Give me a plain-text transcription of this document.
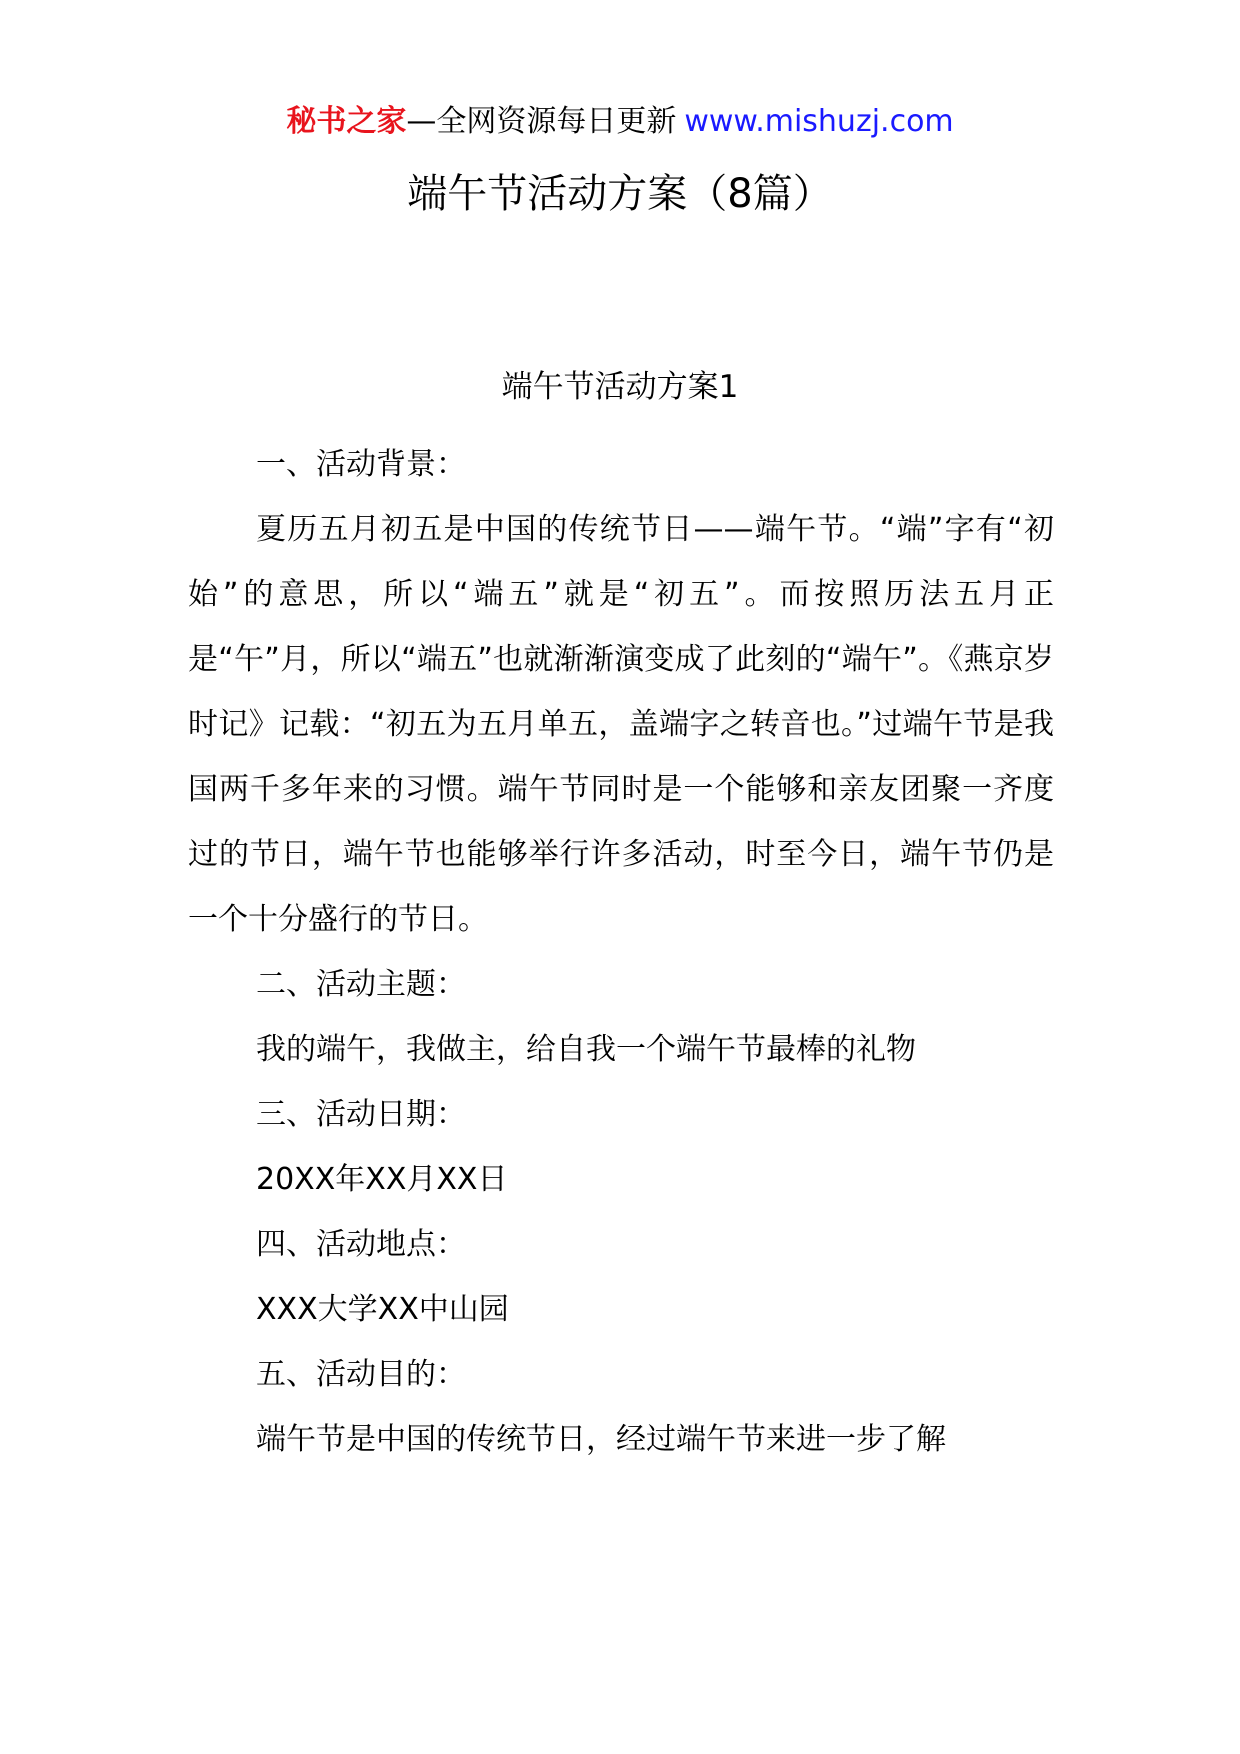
秘书之家—全网资源每日更新 www.mishuzj.com
端午节活动方案（8篇）
端午节活动方案1
一、活动背景：
夏历五月初五是中国的传统节日——端午节。“端”字有“初始”的意思，所以“端五”就是“初五”。而按照历法五月正是“午”月，所以“端五”也就渐渐演变成了此刻的“端午”。《燕京岁时记》记载：“初五为五月单五，盖端字之转音也。”过端午节是我国两千多年来的习惯。端午节同时是一个能够和亲友团聚一齐度过的节日，端午节也能够举行许多活动，时至今日，端午节仍是一个十分盛行的节日。
二、活动主题：
我的端午，我做主，给自我一个端午节最棒的礼物
三、活动日期：
20XX年XX月XX日
四、活动地点：
XXX大学XX中山园
五、活动目的：
端午节是中国的传统节日，经过端午节来进一步了解
